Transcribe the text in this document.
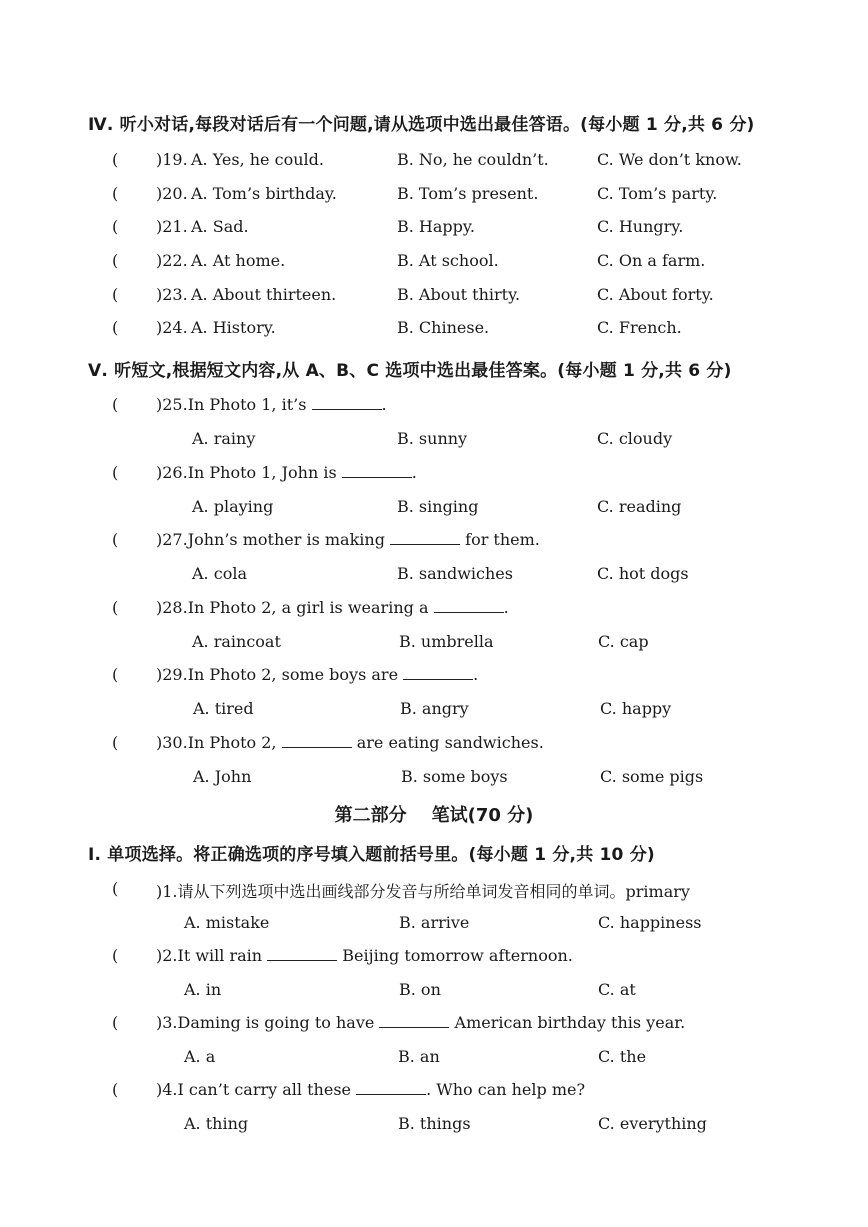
Ⅳ. 听小对话,每段对话后有一个问题,请从选项中选出最佳答语。(每小题 1 分,共 6 分)
( )19. A. Yes, he could.	B. No, he couldn’t.	C. We don’t know.
( )20. A. Tom’s birthday.	B. Tom’s present.	C. Tom’s party.
( )21. A. Sad.	B. Happy.	C. Hungry.
( )22. A. At home.	B. At school.	C. On a farm.
( )23. A. About thirteen.	B. About thirty.	C. About forty.
( )24. A. History.	B. Chinese.	C. French.
Ⅴ. 听短文,根据短文内容,从 A、B、C 选项中选出最佳答案。(每小题 1 分,共 6 分)
( )25.In Photo 1, it’s	.
A. rainy	B. sunny	C. cloudy
( )26.In Photo 1, John is	.
A. playing	B. singing	C. reading
( )27.John’s mother is making	for them.
A. cola	B. sandwiches	C. hot dogs
( )28.In Photo 2, a girl is wearing a	.
A. raincoat	B. umbrella	C. cap
( )29.In Photo 2, some boys are	.
A. tired	B. angry	C. happy
( )30.In Photo 2,	are eating sandwiches.
A. John	B. some boys	C. some pigs
第二部分    笔试(70 分)
Ⅰ. 单项选择。将正确选项的序号填入题前括号里。(每小题 1 分,共 10 分)
( )1.请从下列选项中选出画线部分发音与所给单词发音相同的单词。primary
A. mistake	B. arrive	C. happiness
( )2.It will rain	Beijing tomorrow afternoon.
A. in	B. on	C. at
( )3.Daming is going to have	American birthday this year.
A. a	B. an	C. the
( )4.I can’t carry all these	. Who can help me?
A. thing	B. things	C. everything
